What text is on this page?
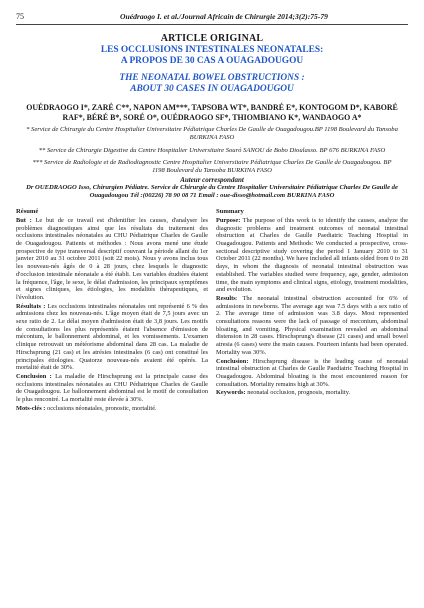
75	Ouédraogo I. et al./Journal Africain de Chirurgie 2014;3(2):75-79
ARTICLE ORIGINAL
LES OCCLUSIONS INTESTINALES NEONATALES:
A PROPOS DE 30 CAS A OUAGADOUGOU
THE NEONATAL BOWEL OBSTRUCTIONS :
ABOUT 30 CASES IN OUAGADOUGOU
OUÉDRAOGO I*, ZARÉ C**, NAPON AM***, TAPSOBA WT*, BANDRÉ E*, KONTOGOM D*, KABORÉ RAF*, BÉRÉ B*, SORÉ O*, OUÉDRAOGO SF*, THIOMBIANO K*, WANDAOGO A*
* Service de Chirurgie du Centre Hospitalier Universitaire Pédiatrique Charles De Gaulle de Ouagadougou.BP 1198 Boulevard du Tansoba BURKINA FASO
** Service de Chirurgie Digestive du Centre Hospitalier Universitaire Souró SANOU de Bobo Dioulasso. BP 676 BURKINA FASO
*** Service de Radiologie et de Radiodiagnostic Centre Hospitalier Universitaire Pédiatrique Charles De Gaulle de Ouagadougou. BP 1198 Boulevard du Tansoba BURKINA FASO
Auteur correspondant
Dr OUEDRAOGO Isso, Chirurgien Pédiatre. Service de Chirurgie du Centre Hospitalier Universitaire Pédiatrique Charles De Gaulle de Ouagadougou Tél :(00226) 78 90 08 71 Email : oue-disso@hotmail.com BURKINA FASO
Résumé

But : Le but de ce travail est d'identifier les causes, d'analyser les problèmes diagnostiques ainsi que les résultats du traitement des occlusions intestinales néonatales au CHU Pédiatrique Charles de Gaulle de Ouagadougou. Patients et méthodes : Nous avons mené une étude prospective de type transversal descriptif couvrant la période allant du 1er janvier 2010 au 31 octobre 2011 (soit 22 mois). Nous y avons inclus tous les nouveau-nés âgés de 0 à 28 jours, chez lesquels le diagnostic d'occlusion intestinale néonatale a été établi. Les variables étudiées étaient la fréquence, l'âge, le sexe, le délai d'admission, les principaux symptômes et signes cliniques, les étiologies, les modalités thérapeutiques, et l'évolution.

Résultats : Les occlusions intestinales néonatales ont représenté 6 % des admissions chez les nouveau-nés. L'âge moyen était de 7,5 jours avec un sexe ratio de 2. Le délai moyen d'admission était de 3,8 jours. Les motifs de consultations les plus représentés étaient l'absence d'émission de méconium, le ballonnement abdominal, et les vomissements. L'examen clinique retrouvait un météorisme abdominal dans 28 cas. La maladie de Hirschsprung (21 cas) et les atrésies intestinales (6 cas) ont constitué les principales étiologies. Quatorze nouveau-nés avaient été opérés. La mortalité était de 30%.

Conclusion : La maladie de Hirschsprung est la principale cause des occlusions intestinales néonatales au CHU Pédiatrique Charles de Gaulle de Ouagadougou. Le ballonnement abdominal est le motif de consultation le plus rencontré. La mortalité reste élevée à 30%.

Mots-clés : occlusions néonatales, pronostic, mortalité.

Summary

Purpose: The purpose of this work is to identify the causes, analyze the diagnostic problems and treatment outcomes of neonatal intestinal obstruction at Charles de Gaulle Paediatric Teaching Hospital in Ouagadougou. Patients and Methods: We conducted a prospective, cross-sectional descriptive study covering the period 1 January 2010 to 31 October 2011 (22 months). We have included all infants olded from 0 to 28 days, in whom the diagnosis of neonatal intestinal obstruction was established. The variables studied were frequency, age, gender, admission time, the main symptoms and clinical signs, etiology, treatment modalities, and evolution.

Results: The neonatal intestinal obstruction accounted for 6% of admissions in newborns. The average age was 7.5 days with a sex ratio of 2. The average time of admission was 3.8 days. Most represented consultations reasons were the lack of passage of meconium, abdominal bloating, and vomiting. Physical examination revealed an abdominal distension in 28 cases. Hirschsprung's disease (21 cases) and small bowel atresia (6 cases) were the main causes. Fourteen infants had been operated. Mortality was 30%.

Conclusion: Hirschsprung disease is the leading cause of neonatal intestinal obstruction at Charles de Gaulle Paediatric Teaching Hospital in Ouagadougou. Abdominal bloating is the most encountered reason for consultation. Mortality remains high at 30%.

Keywords: neonatal occlusion, prognosis, mortality.
